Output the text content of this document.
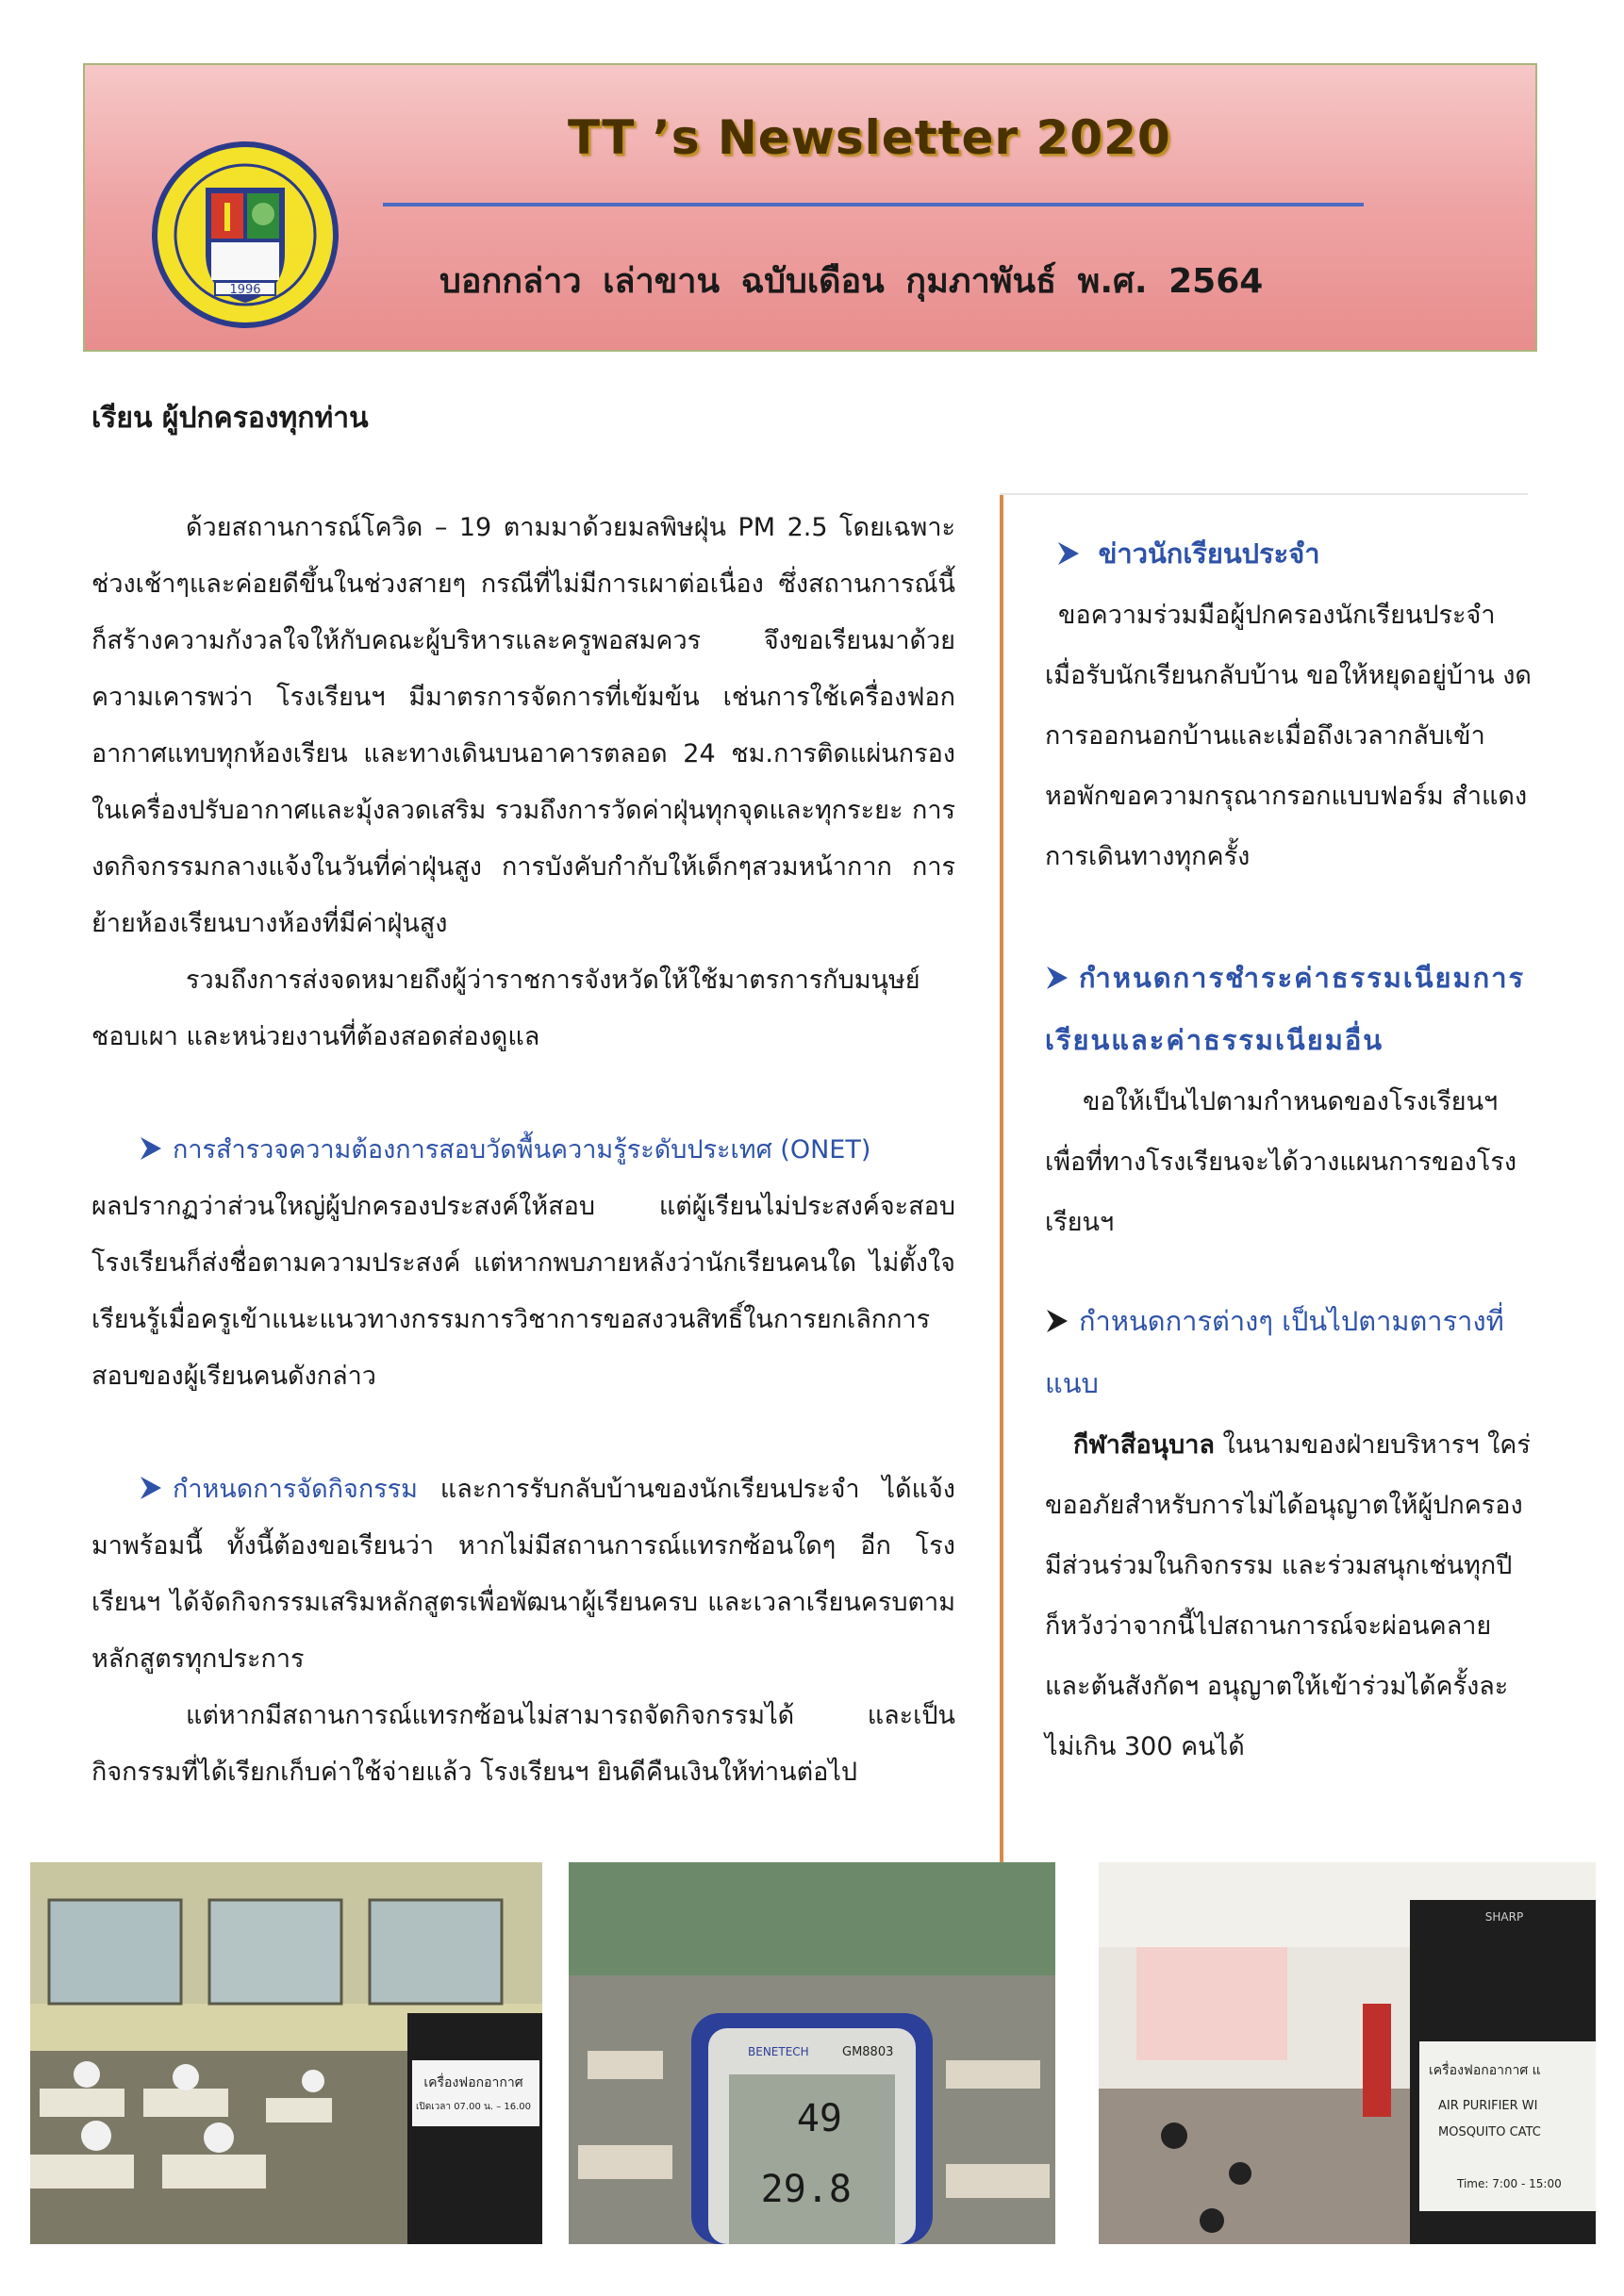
1996
TT ’s Newsletter 2020
บอกกล่าว เล่าขาน ฉบับเดือน กุมภาพันธ์ พ.ศ. 2564
เรียน ผู้ปกครองทุกท่าน

ด้วยสถานการณ์โควิด – 19 ตามมาด้วยมลพิษฝุ่น PM 2.5 โดยเฉพาะช่วงเช้าๆและค่อยดีขึ้นในช่วงสายๆ กรณีที่ไม่มีการเผาต่อเนื่อง ซึ่งสถานการณ์นี้ ก็สร้างความกังวลใจให้กับคณะผู้บริหารและครูพอสมควร จึงขอเรียนมาด้วยความเคารพว่า โรงเรียนฯ มีมาตรการจัดการที่เข้มข้น เช่นการใช้เครื่องฟอกอากาศแทบทุกห้องเรียน และทางเดินบนอาคารตลอด 24 ชม.การติดแผ่นกรองในเครื่องปรับอากาศและมุ้งลวดเสริม รวมถึงการวัดค่าฝุ่นทุกจุดและทุกระยะ การงดกิจกรรมกลางแจ้งในวันที่ค่าฝุ่นสูง การบังคับกำกับให้เด็กๆสวมหน้ากาก การย้ายห้องเรียนบางห้องที่มีค่าฝุ่นสูง

รวมถึงการส่งจดหมายถึงผู้ว่าราชการจังหวัดให้ใช้มาตรการกับมนุษย์ชอบเผา และหน่วยงานที่ต้องสอดส่องดูแล

การสำรวจความต้องการสอบวัดพื้นความรู้ระดับประเทศ (ONET)

ผลปรากฏว่าส่วนใหญ่ผู้ปกครองประสงค์ให้สอบ แต่ผู้เรียนไม่ประสงค์จะสอบ โรงเรียนก็ส่งชื่อตามความประสงค์ แต่หากพบภายหลังว่านักเรียนคนใด ไม่ตั้งใจเรียนรู้เมื่อครูเข้าแนะแนวทางกรรมการวิชาการขอสงวนสิทธิ์ในการยกเลิกการสอบของผู้เรียนคนดังกล่าว

กำหนดการจัดกิจกรรม และการรับกลับบ้านของนักเรียนประจำ ได้แจ้งมาพร้อมนี้ ทั้งนี้ต้องขอเรียนว่า หากไม่มีสถานการณ์แทรกซ้อนใดๆ อีก โรงเรียนฯ ได้จัดกิจกรรมเสริมหลักสูตรเพื่อพัฒนาผู้เรียนครบ และเวลาเรียนครบตามหลักสูตรทุกประการ

แต่หากมีสถานการณ์แทรกซ้อนไม่สามารถจัดกิจกรรมได้ และเป็นกิจกรรมที่ได้เรียกเก็บค่าใช้จ่ายแล้ว โรงเรียนฯ ยินดีคืนเงินให้ท่านต่อไป

ข่าวนักเรียนประจำ

ขอความร่วมมือผู้ปกครองนักเรียนประจำเมื่อรับนักเรียนกลับบ้าน ขอให้หยุดอยู่บ้าน งดการออกนอกบ้านและเมื่อถึงเวลากลับเข้าหอพักขอความกรุณากรอกแบบฟอร์ม สำแดงการเดินทางทุกครั้ง

กำหนดการชำระค่าธรรมเนียมการเรียนและค่าธรรมเนียมอื่น

ขอให้เป็นไปตามกำหนดของโรงเรียนฯ เพื่อที่ทางโรงเรียนจะได้วางแผนการของโรงเรียนฯ

กำหนดการต่างๆ เป็นไปตามตารางที่แนบ

กีฬาสีอนุบาล ในนามของฝ่ายบริหารฯ ใคร่ขออภัยสำหรับการไม่ได้อนุญาตให้ผู้ปกครองมีส่วนร่วมในกิจกรรม และร่วมสนุกเช่นทุกปี ก็หวังว่าจากนี้ไปสถานการณ์จะผ่อนคลาย และต้นสังกัดฯ อนุญาตให้เข้าร่วมได้ครั้งละไม่เกิน 300 คนได้

เครื่องฟอกอากาศ
เปิดเวลา 07.00 น. – 16.00
BENETECH	GM8803
49
29.8
SHARP
เครื่องฟอกอากาศ แ
AIR PURIFIER WI
MOSQUITO CATC
Time: 7:00 - 15:00
